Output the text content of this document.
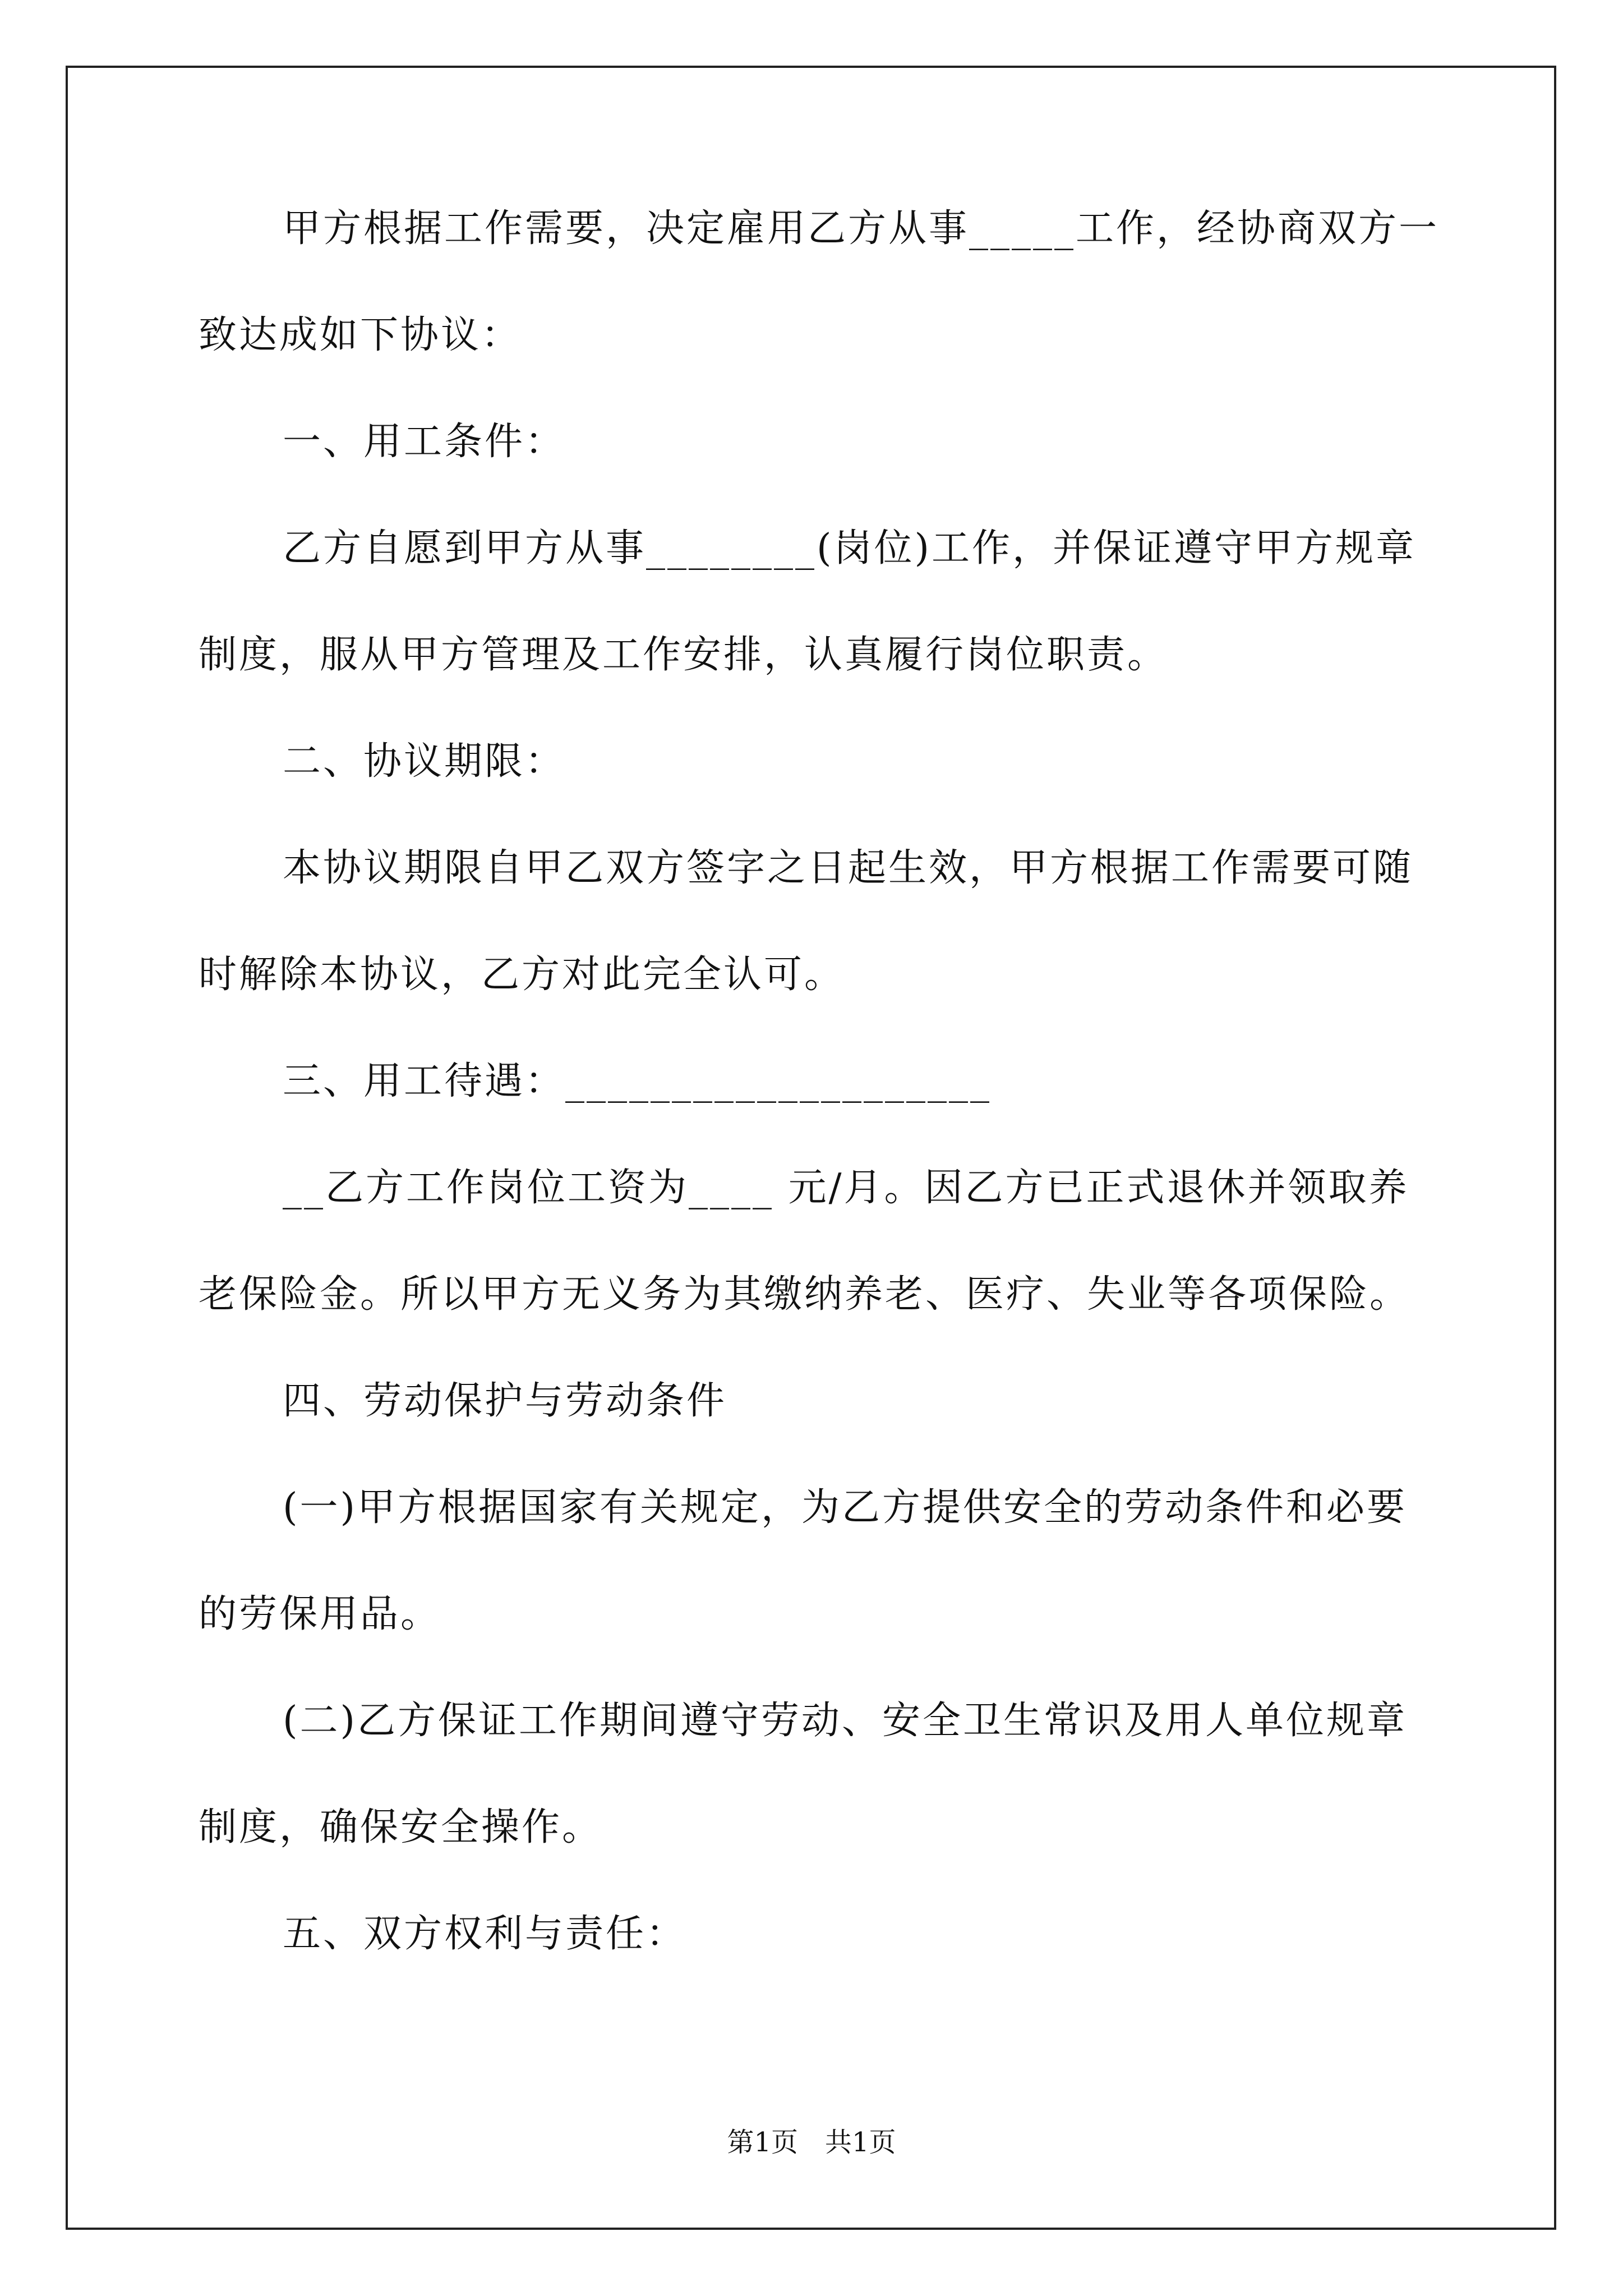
甲方根据工作需要，决定雇用乙方从事_____工作，经协商双方一
致达成如下协议：
一、用工条件：
乙方自愿到甲方从事________(岗位)工作，并保证遵守甲方规章
制度，服从甲方管理及工作安排，认真履行岗位职责。
二、协议期限：
本协议期限自甲乙双方签字之日起生效，甲方根据工作需要可随
时解除本协议，乙方对此完全认可。
三、用工待遇：____________________
__乙方工作岗位工资为____ 元/月。因乙方已正式退休并领取养
老保险金。所以甲方无义务为其缴纳养老、医疗、失业等各项保险。
四、劳动保护与劳动条件
(一)甲方根据国家有关规定，为乙方提供安全的劳动条件和必要
的劳保用品。
(二)乙方保证工作期间遵守劳动、安全卫生常识及用人单位规章
制度，确保安全操作。
五、双方权利与责任：
第1页　共1页
